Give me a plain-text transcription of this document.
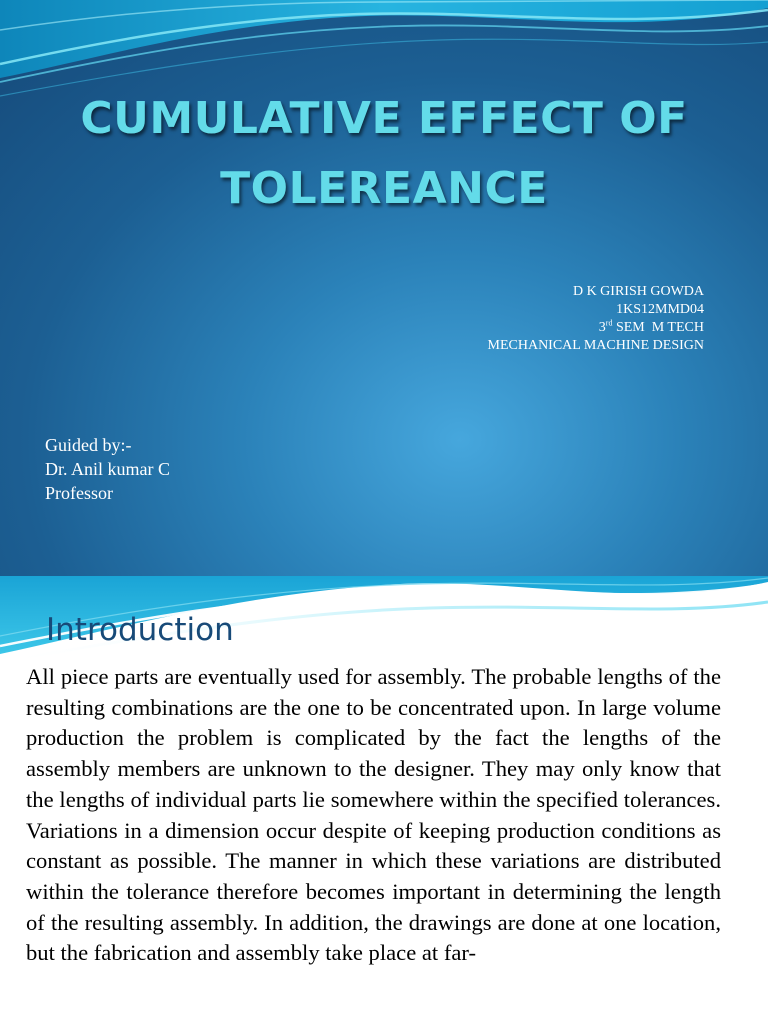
CUMULATIVE EFFECT OF TOLEREANCE
D K GIRISH GOWDA
1KS12MMD04
3rd SEM  M TECH
MECHANICAL MACHINE DESIGN
Guided by:-
Dr. Anil kumar C
Professor
Introduction

All piece parts are eventually used for assembly. The probable lengths of the resulting combinations are the one to be concentrated upon. In large volume production the problem is complicated by the fact the lengths of the assembly members are unknown to the designer. They may only know that the lengths of individual parts lie somewhere within the specified tolerances. Variations in a dimension occur despite of keeping production conditions as constant as possible. The manner in which these variations are distributed within the tolerance therefore becomes important in determining the length of the resulting assembly. In addition, the drawings are done at one location, but the fabrication and assembly take place at far-
